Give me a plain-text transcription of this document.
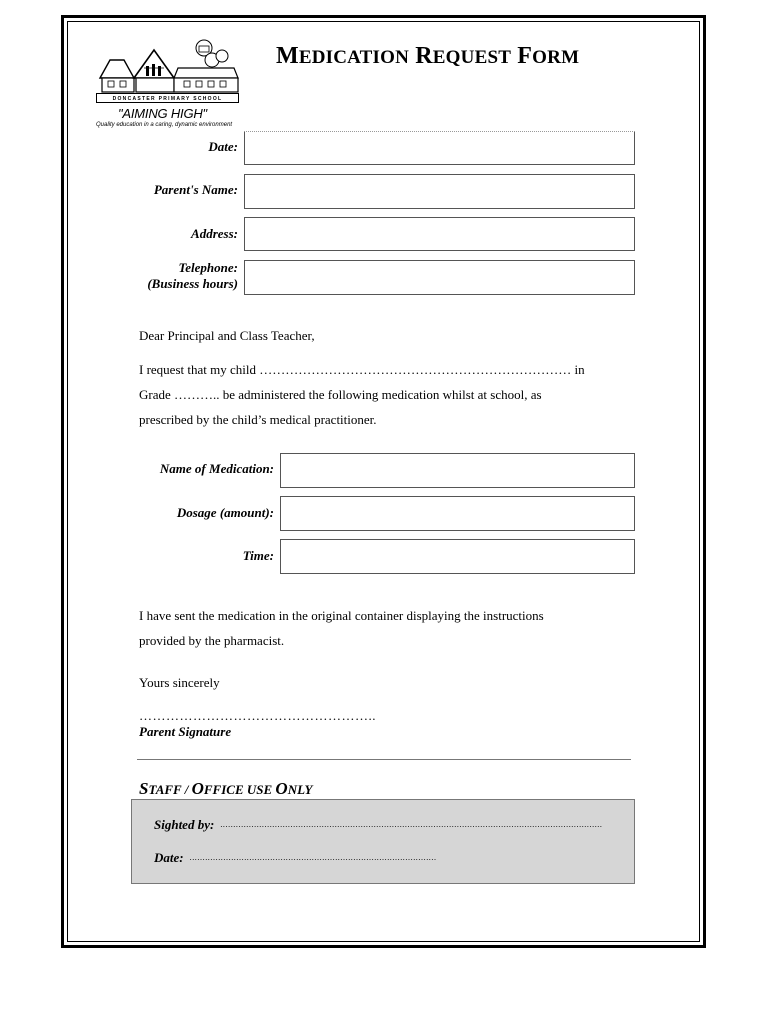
DONCASTER PRIMARY SCHOOL
"AIMING HIGH"
Quality education in a caring, dynamic environment
MEDICATION REQUEST FORM
Date:
Parent's Name:
Address:
Telephone:
(Business hours)
Dear Principal and Class Teacher,
I request that my child ……………………………………………………………… in
Grade ……….. be administered the following medication whilst at school, as
prescribed by the child’s medical practitioner.
Name of Medication:
Dosage (amount):
Time:
I have sent the medication in the original container displaying the instructions
provided by the pharmacist.
Yours sincerely
……………………………………………..
Parent Signature
STAFF / OFFICE USE ONLY
Sighted by: ...................................................................................................................................................
Date: ...............................................................................................
